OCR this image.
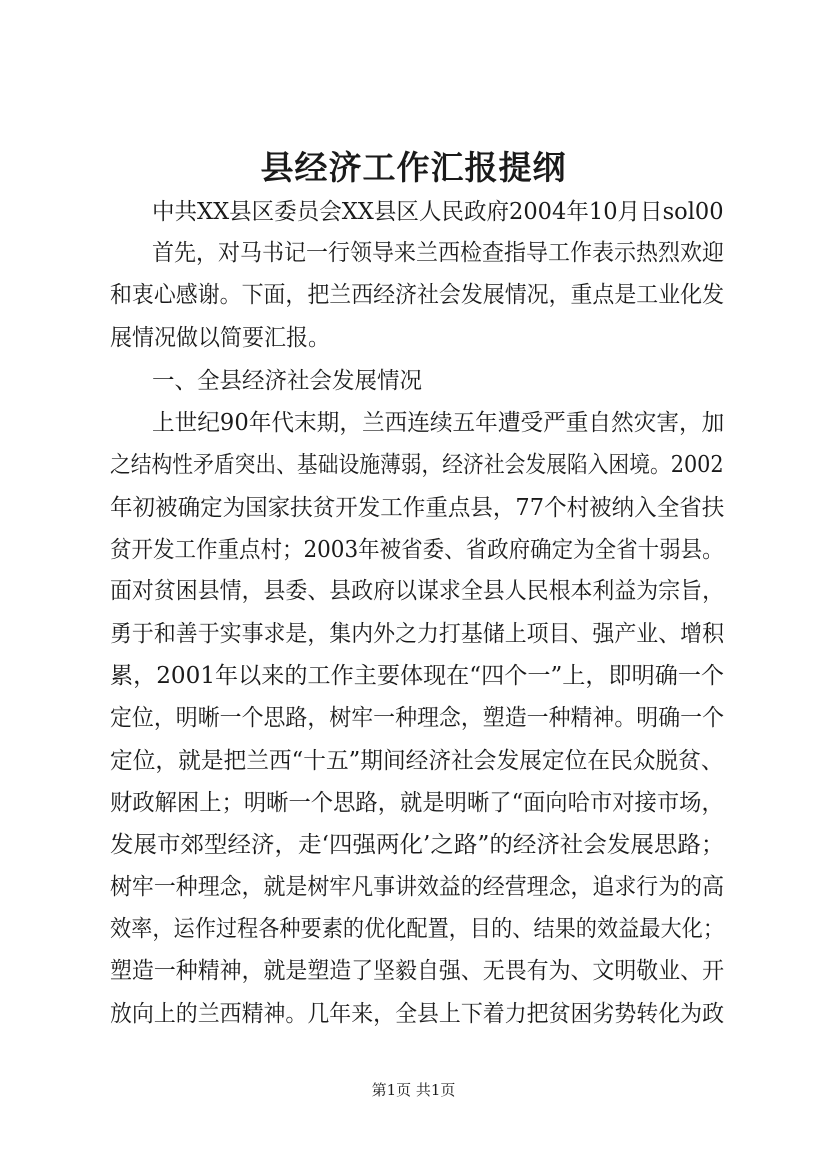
县经济工作汇报提纲
中共XX县区委员会XX县区人民政府2004年10月日sol00
首先，对马书记一行领导来兰西检查指导工作表示热烈欢迎
和衷心感谢。下面，把兰西经济社会发展情况，重点是工业化发
展情况做以简要汇报。
一、全县经济社会发展情况
上世纪90年代末期，兰西连续五年遭受严重自然灾害，加
之结构性矛盾突出、基础设施薄弱，经济社会发展陷入困境。2002
年初被确定为国家扶贫开发工作重点县，77个村被纳入全省扶
贫开发工作重点村；2003年被省委、省政府确定为全省十弱县。
面对贫困县情，县委、县政府以谋求全县人民根本利益为宗旨，
勇于和善于实事求是，集内外之力打基储上项目、强产业、增积
累，2001年以来的工作主要体现在“四个一”上，即明确一个
定位，明晰一个思路，树牢一种理念，塑造一种精神。明确一个
定位，就是把兰西“十五”期间经济社会发展定位在民众脱贫、
财政解困上；明晰一个思路，就是明晰了“面向哈市对接市场，
发展市郊型经济，走‘四强两化’之路”的经济社会发展思路；
树牢一种理念，就是树牢凡事讲效益的经营理念，追求行为的高
效率，运作过程各种要素的优化配置，目的、结果的效益最大化；
塑造一种精神，就是塑造了坚毅自强、无畏有为、文明敬业、开
放向上的兰西精神。几年来，全县上下着力把贫困劣势转化为政
第1页 共1页
